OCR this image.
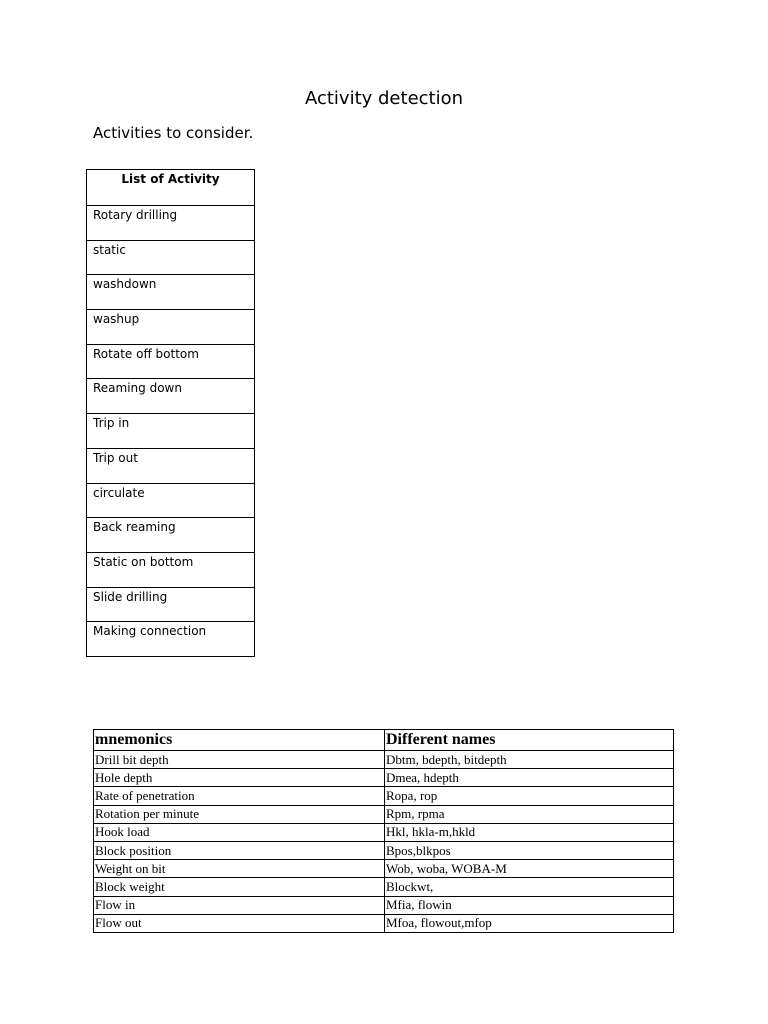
Activity detection
Activities to consider.
List of Activity
Rotary drilling
static
washdown
washup
Rotate off bottom
Reaming down
Trip in
Trip out
circulate
Back reaming
Static on bottom
Slide drilling
Making connection
mnemonics	Different names
Drill bit depth	Dbtm, bdepth, bitdepth
Hole depth	Dmea, hdepth
Rate of penetration	Ropa, rop
Rotation per minute	Rpm, rpma
Hook load	Hkl, hkla-m,hkld
Block position	Bpos,blkpos
Weight on bit	Wob, woba, WOBA-M
Block weight	Blockwt,
Flow in	Mfia, flowin
Flow out	Mfoa, flowout,mfop
